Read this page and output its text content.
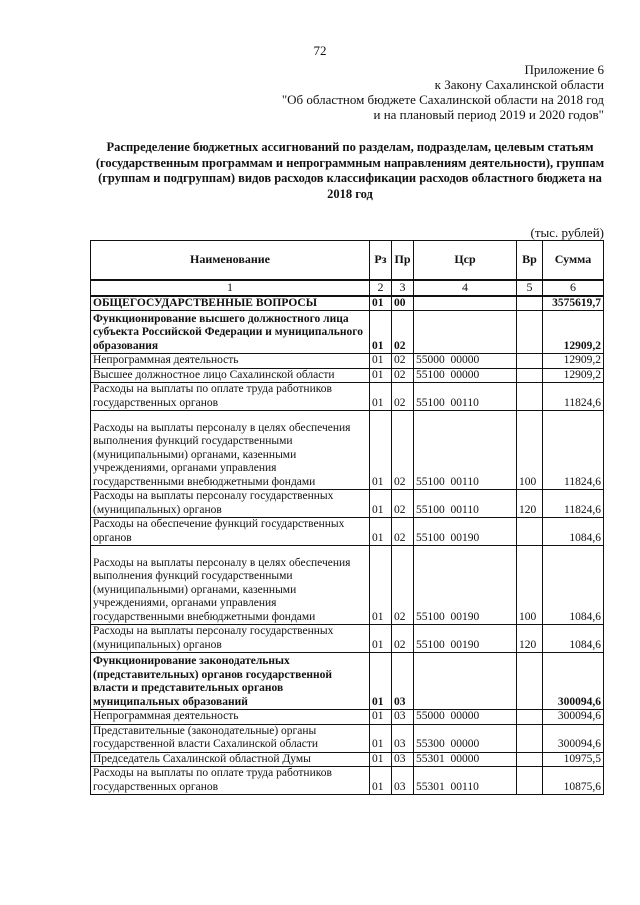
72
Приложение 6
к Закону Сахалинской области
"Об областном бюджете Сахалинской области на 2018 год
и на плановый период 2019 и 2020 годов"
Распределение бюджетных ассигнований по разделам, подразделам, целевым статьям (государственным программам и непрограммным направлениям деятельности), группам (группам и подгруппам) видов расходов классификации расходов областного бюджета на 2018 год
(тыс. рублей)
Наименование	Рз	Пр	Цср	Вр	Сумма
1	2	3	4	5	6
ОБЩЕГОСУДАРСТВЕННЫЕ ВОПРОСЫ	01	00			3575619,7
Функционирование высшего должностного лица субъекта Российской Федерации и муниципального образования	01	02			12909,2
Непрограммная деятельность	01	02	55000  00000		12909,2
Высшее должностное лицо Сахалинской области	01	02	55100  00000		12909,2
Расходы на выплаты по оплате труда работников государственных органов	01	02	55100  00110		11824,6
Расходы на выплаты персоналу в целях обеспечения выполнения функций государственными (муниципальными) органами, казенными учреждениями, органами управления государственными внебюджетными фондами	01	02	55100  00110	100	11824,6
Расходы на выплаты персоналу государственных (муниципальных) органов	01	02	55100  00110	120	11824,6
Расходы на обеспечение функций государственных органов	01	02	55100  00190		1084,6
Расходы на выплаты персоналу в целях обеспечения выполнения функций государственными (муниципальными) органами, казенными учреждениями, органами управления государственными внебюджетными фондами	01	02	55100  00190	100	1084,6
Расходы на выплаты персоналу государственных (муниципальных) органов	01	02	55100  00190	120	1084,6
Функционирование законодательных (представительных) органов государственной власти и представительных органов муниципальных образований	01	03			300094,6
Непрограммная деятельность	01	03	55000  00000		300094,6
Представительные (законодательные) органы государственной власти Сахалинской области	01	03	55300  00000		300094,6
Председатель Сахалинской областной Думы	01	03	55301  00000		10975,5
Расходы на выплаты по оплате труда работников государственных органов	01	03	55301  00110		10875,6
